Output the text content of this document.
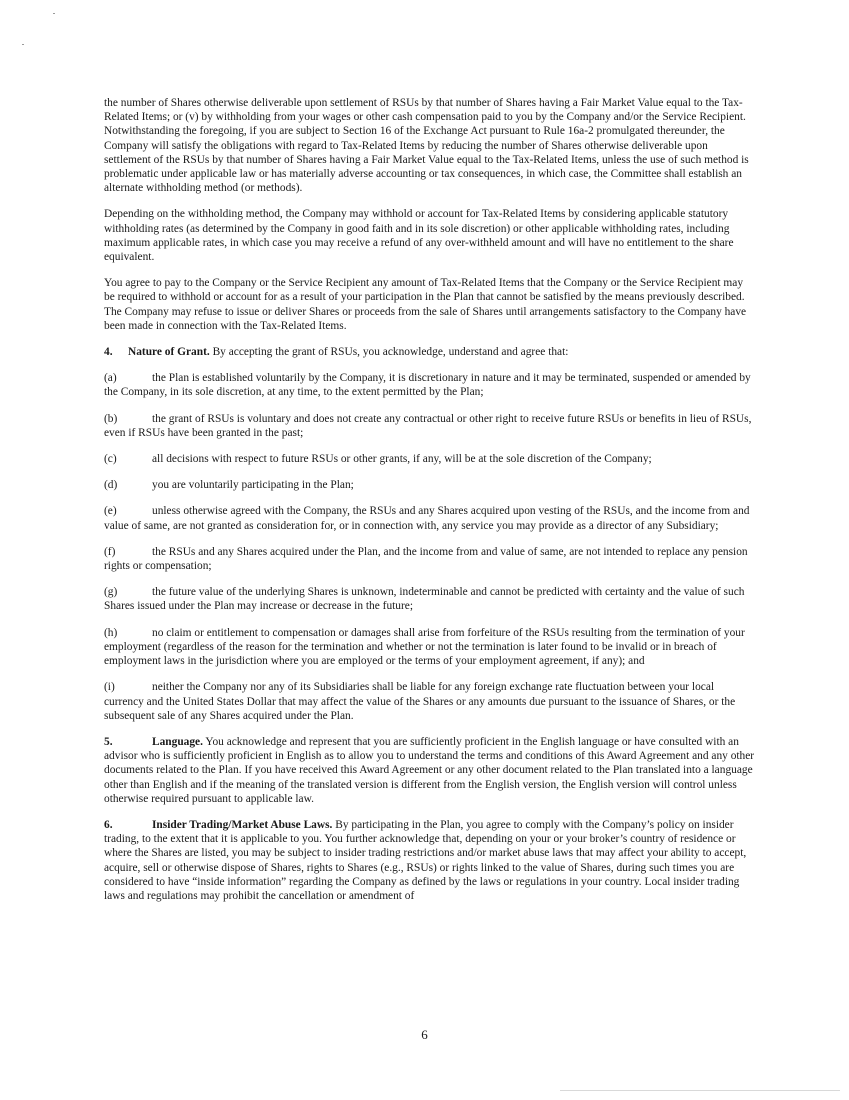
the number of Shares otherwise deliverable upon settlement of RSUs by that number of Shares having a Fair Market Value equal to the Tax-Related Items; or (v) by withholding from your wages or other cash compensation paid to you by the Company and/or the Service Recipient. Notwithstanding the foregoing, if you are subject to Section 16 of the Exchange Act pursuant to Rule 16a-2 promulgated thereunder, the Company will satisfy the obligations with regard to Tax-Related Items by reducing the number of Shares otherwise deliverable upon settlement of the RSUs by that number of Shares having a Fair Market Value equal to the Tax-Related Items, unless the use of such method is problematic under applicable law or has materially adverse accounting or tax consequences, in which case, the Committee shall establish an alternate withholding method (or methods).

Depending on the withholding method, the Company may withhold or account for Tax-Related Items by considering applicable statutory withholding rates (as determined by the Company in good faith and in its sole discretion) or other applicable withholding rates, including maximum applicable rates, in which case you may receive a refund of any over-withheld amount and will have no entitlement to the share equivalent.

You agree to pay to the Company or the Service Recipient any amount of Tax-Related Items that the Company or the Service Recipient may be required to withhold or account for as a result of your participation in the Plan that cannot be satisfied by the means previously described. The Company may refuse to issue or deliver Shares or proceeds from the sale of Shares until arrangements satisfactory to the Company have been made in connection with the Tax-Related Items.

4. Nature of Grant. By accepting the grant of RSUs, you acknowledge, understand and agree that:

(a)	the Plan is established voluntarily by the Company, it is discretionary in nature and it may be terminated, suspended or amended by the Company, in its sole discretion, at any time, to the extent permitted by the Plan;

(b)	the grant of RSUs is voluntary and does not create any contractual or other right to receive future RSUs or benefits in lieu of RSUs, even if RSUs have been granted in the past;

(c)	all decisions with respect to future RSUs or other grants, if any, will be at the sole discretion of the Company;

(d)	you are voluntarily participating in the Plan;

(e)	unless otherwise agreed with the Company, the RSUs and any Shares acquired upon vesting of the RSUs, and the income from and value of same, are not granted as consideration for, or in connection with, any service you may provide as a director of any Subsidiary;

(f)	the RSUs and any Shares acquired under the Plan, and the income from and value of same, are not intended to replace any pension rights or compensation;

(g)	the future value of the underlying Shares is unknown, indeterminable and cannot be predicted with certainty and the value of such Shares issued under the Plan may increase or decrease in the future;

(h)	no claim or entitlement to compensation or damages shall arise from forfeiture of the RSUs resulting from the termination of your employment (regardless of the reason for the termination and whether or not the termination is later found to be invalid or in breach of employment laws in the jurisdiction where you are employed or the terms of your employment agreement, if any); and

(i)	neither the Company nor any of its Subsidiaries shall be liable for any foreign exchange rate fluctuation between your local currency and the United States Dollar that may affect the value of the Shares or any amounts due pursuant to the issuance of Shares, or the subsequent sale of any Shares acquired under the Plan.

5.	Language. You acknowledge and represent that you are sufficiently proficient in the English language or have consulted with an advisor who is sufficiently proficient in English as to allow you to understand the terms and conditions of this Award Agreement and any other documents related to the Plan. If you have received this Award Agreement or any other document related to the Plan translated into a language other than English and if the meaning of the translated version is different from the English version, the English version will control unless otherwise required pursuant to applicable law.

6.	Insider Trading/Market Abuse Laws. By participating in the Plan, you agree to comply with the Company’s policy on insider trading, to the extent that it is applicable to you. You further acknowledge that, depending on your or your broker’s country of residence or where the Shares are listed, you may be subject to insider trading restrictions and/or market abuse laws that may affect your ability to accept, acquire, sell or otherwise dispose of Shares, rights to Shares (e.g., RSUs) or rights linked to the value of Shares, during such times you are considered to have “inside information” regarding the Company as defined by the laws or regulations in your country. Local insider trading laws and regulations may prohibit the cancellation or amendment of

6
